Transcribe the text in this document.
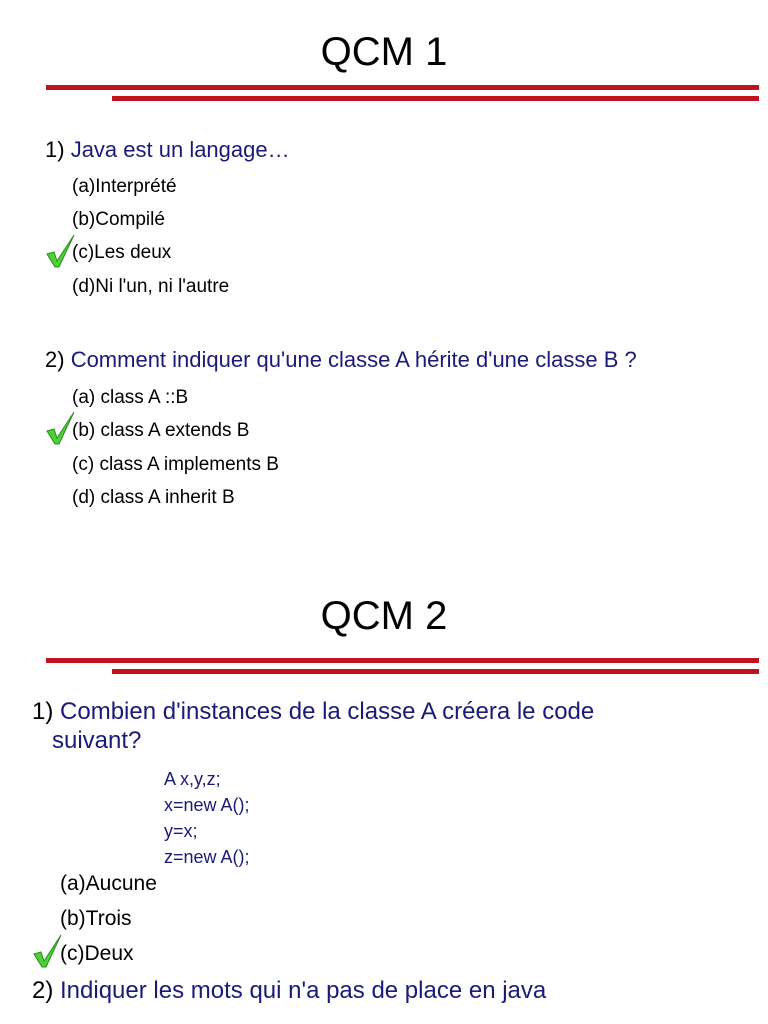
QCM 1
1) Java est un langage…
(a)Interprété
(b)Compilé
(c)Les deux
(d)Ni l'un, ni l'autre
2) Comment indiquer qu'une classe A hérite d'une classe B ?
(a) class A ::B
(b) class A extends B
(c) class A implements B
(d) class A inherit B
QCM 2
1) Combien d'instances de la classe A créera le code
suivant?
A x,y,z;
x=new A();
y=x;
z=new A();
(a)Aucune
(b)Trois
(c)Deux
2) Indiquer les mots qui n'a pas de place en java
